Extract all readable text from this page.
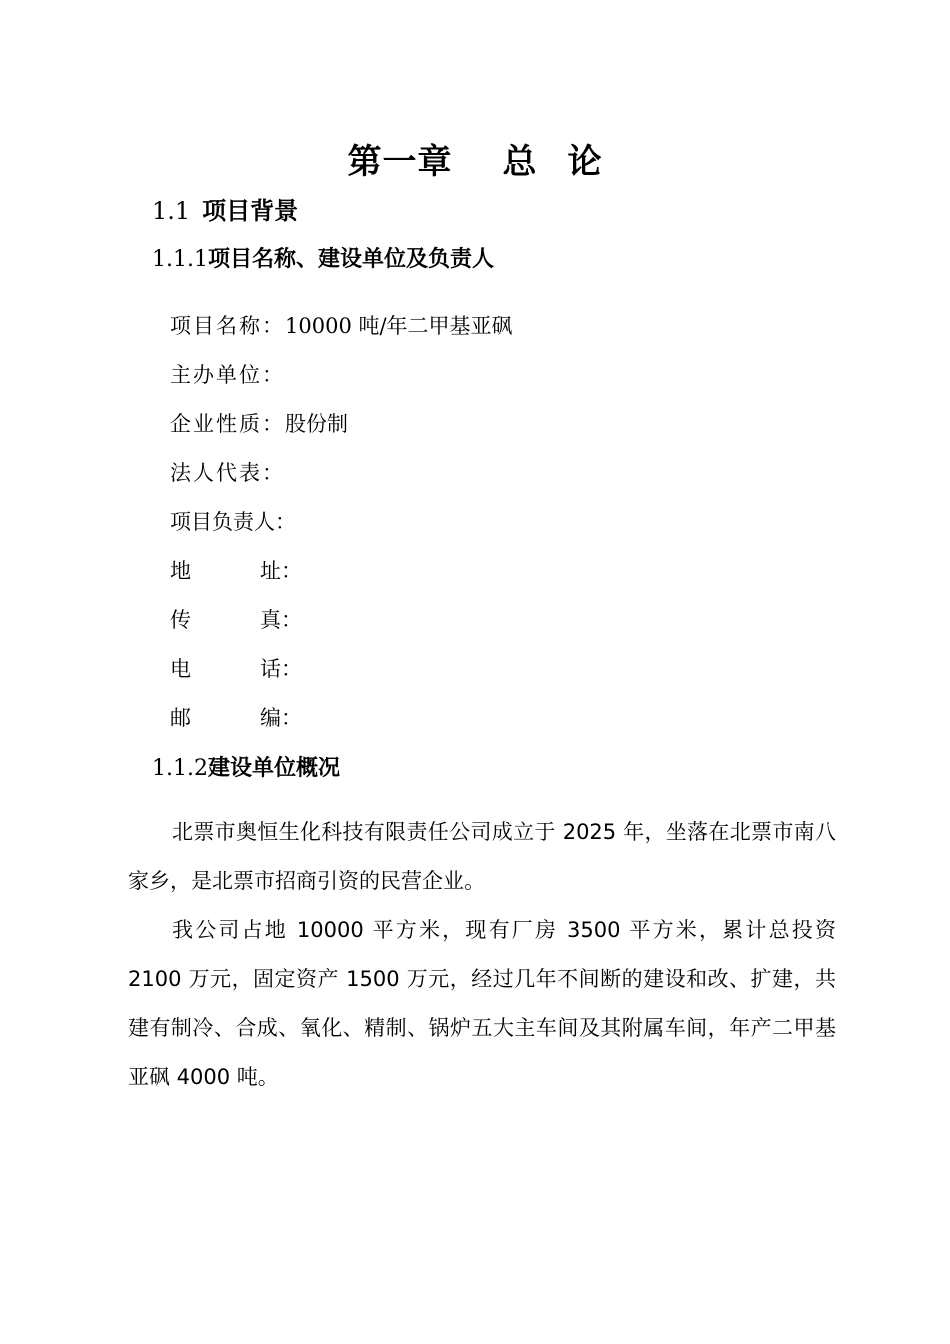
第一章 总 论
1.1 项目背景
1.1.1项目名称、建设单位及负责人
项目名称：10000 吨/年二甲基亚砜
主办单位：
企业性质：股份制
法人代表：
项目负责人：
地	址：
传	真：
电	话：
邮	编：
1.1.2建设单位概况
北票市奥恒生化科技有限责任公司成立于 2025 年，坐落在北票市南八家乡，是北票市招商引资的民营企业。
我公司占地 10000 平方米，现有厂房 3500 平方米，累计总投资 2100 万元，固定资产 1500 万元，经过几年不间断的建设和改、扩建，共建有制冷、合成、氧化、精制、锅炉五大主车间及其附属车间，年产二甲基亚砜 4000 吨。
